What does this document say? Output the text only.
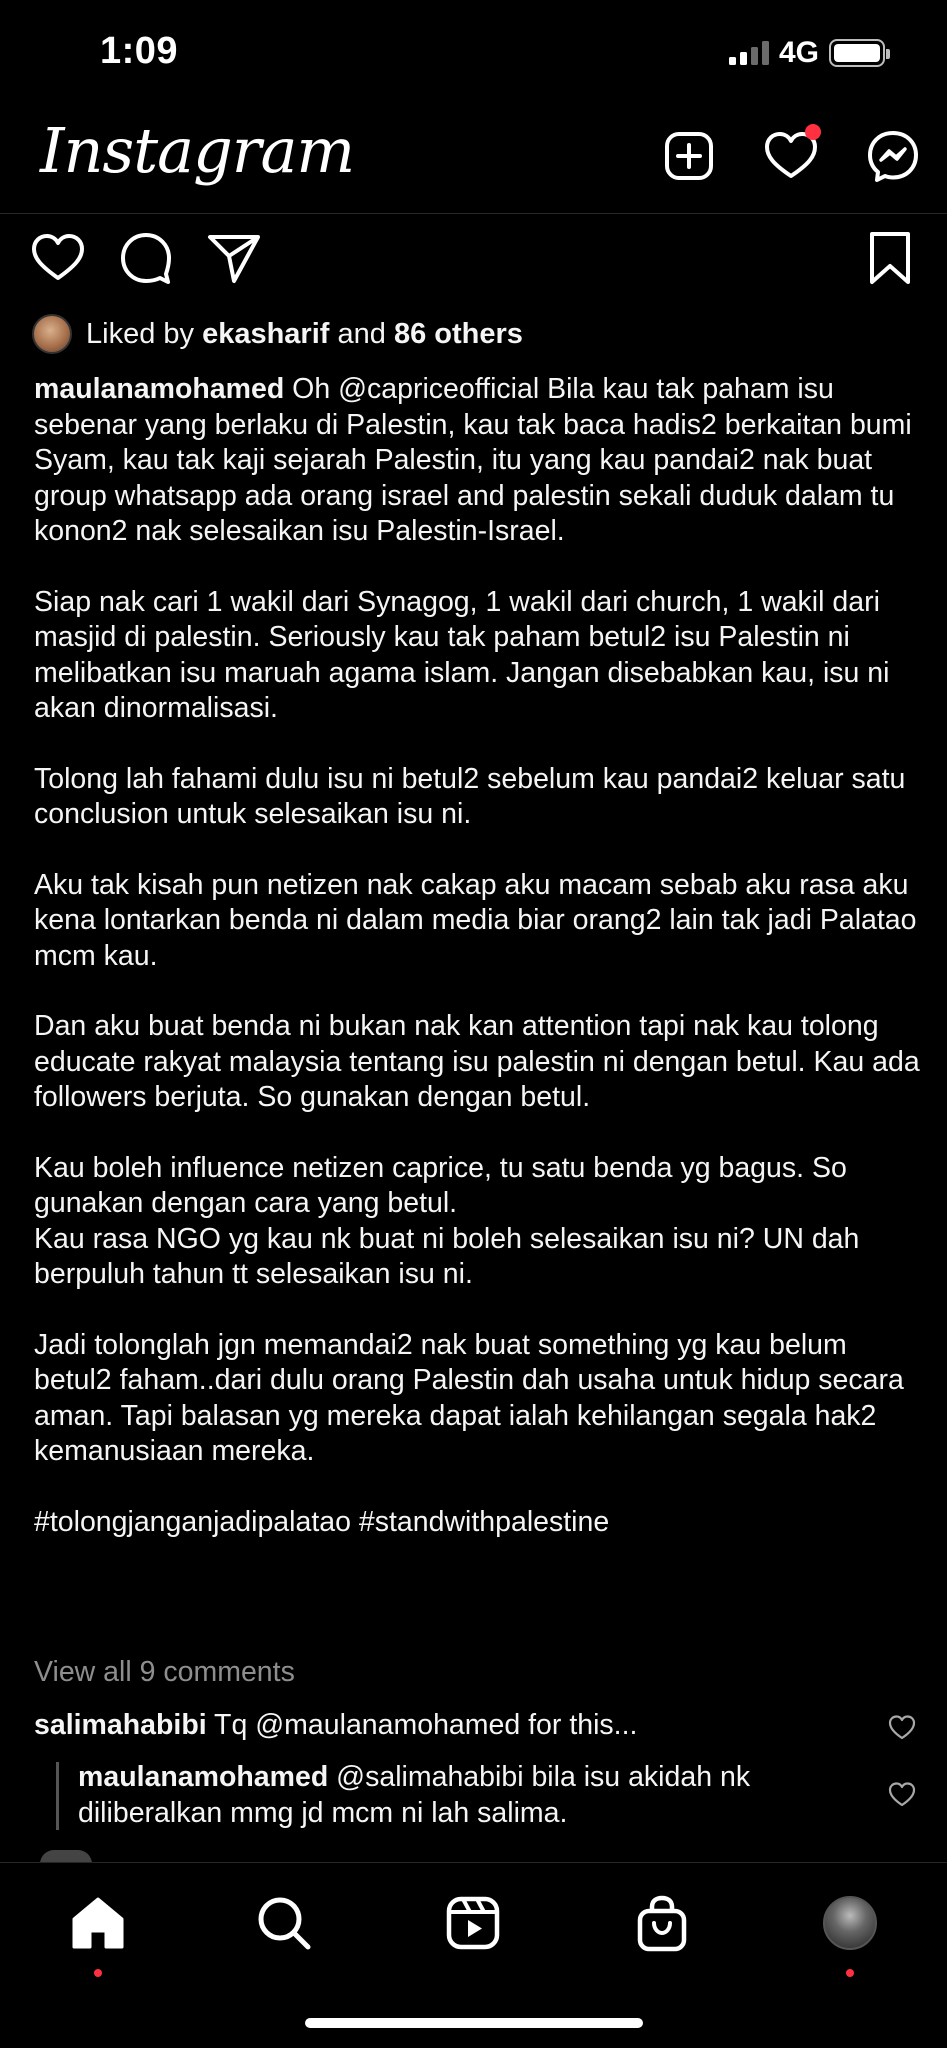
1:09	4G
Instagram
Liked by ekasharif and 86 others

maulanamohamed Oh @capriceofficial Bila kau tak paham isu sebenar yang berlaku di Palestin, kau tak baca hadis2 berkaitan bumi Syam, kau tak kaji sejarah Palestin, itu yang kau pandai2 nak buat group whatsapp ada orang israel and palestin sekali duduk dalam tu konon2 nak selesaikan isu Palestin-Israel.

Siap nak cari 1 wakil dari Synagog, 1 wakil dari church, 1 wakil dari masjid di palestin. Seriously kau tak paham betul2 isu Palestin ni melibatkan isu maruah agama islam. Jangan disebabkan kau, isu ni akan dinormalisasi.

Tolong lah fahami dulu isu ni betul2 sebelum kau pandai2 keluar satu conclusion untuk selesaikan isu ni.

Aku tak kisah pun netizen nak cakap aku macam sebab aku rasa aku kena lontarkan benda ni dalam media biar orang2 lain tak jadi Palatao mcm kau.

Dan aku buat benda ni bukan nak kan attention tapi nak kau tolong educate rakyat malaysia tentang isu palestin ni dengan betul. Kau ada followers berjuta. So gunakan dengan betul.

Kau boleh influence netizen caprice, tu satu benda yg bagus. So gunakan dengan cara yang betul.

Kau rasa NGO yg kau nk buat ni boleh selesaikan isu ni? UN dah berpuluh tahun tt selesaikan isu ni.

Jadi tolonglah jgn memandai2 nak buat something yg kau belum betul2 faham..dari dulu orang Palestin dah usaha untuk hidup secara aman. Tapi balasan yg mereka dapat ialah kehilangan segala hak2 kemanusiaan mereka.

#tolongjanganjadipalatao #standwithpalestine

View all 9 comments
salimahabibi Tq @maulanamohamed for this...
maulanamohamed @salimahabibi bila isu akidah nk diliberalkan mmg jd mcm ni lah salima.
